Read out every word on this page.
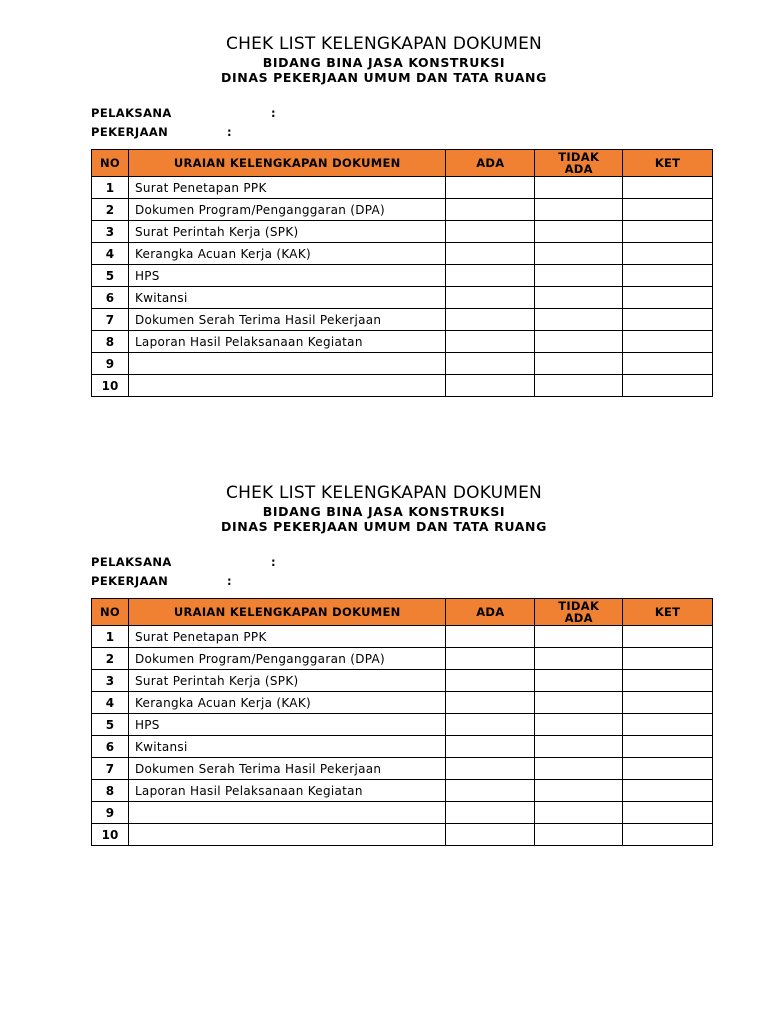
CHEK LIST KELENGKAPAN DOKUMEN

BIDANG BINA JASA KONSTRUKSI

DINAS PEKERJAAN UMUM DAN TATA RUANG

PELAKSANA	:
PEKERJAAN	:
NO	URAIAN KELENGKAPAN DOKUMEN	ADA	TIDAK ADA	KET
1	Surat Penetapan PPK			
2	Dokumen Program/Penganggaran (DPA)			
3	Surat Perintah Kerja (SPK)			
4	Kerangka Acuan Kerja (KAK)			
5	HPS			
6	Kwitansi			
7	Dokumen Serah Terima Hasil Pekerjaan			
8	Laporan Hasil Pelaksanaan Kegiatan			
9				
10				

CHEK LIST KELENGKAPAN DOKUMEN

BIDANG BINA JASA KONSTRUKSI

DINAS PEKERJAAN UMUM DAN TATA RUANG

PELAKSANA	:
PEKERJAAN	:
NO	URAIAN KELENGKAPAN DOKUMEN	ADA	TIDAK ADA	KET
1	Surat Penetapan PPK			
2	Dokumen Program/Penganggaran (DPA)			
3	Surat Perintah Kerja (SPK)			
4	Kerangka Acuan Kerja (KAK)			
5	HPS			
6	Kwitansi			
7	Dokumen Serah Terima Hasil Pekerjaan			
8	Laporan Hasil Pelaksanaan Kegiatan			
9				
10				
